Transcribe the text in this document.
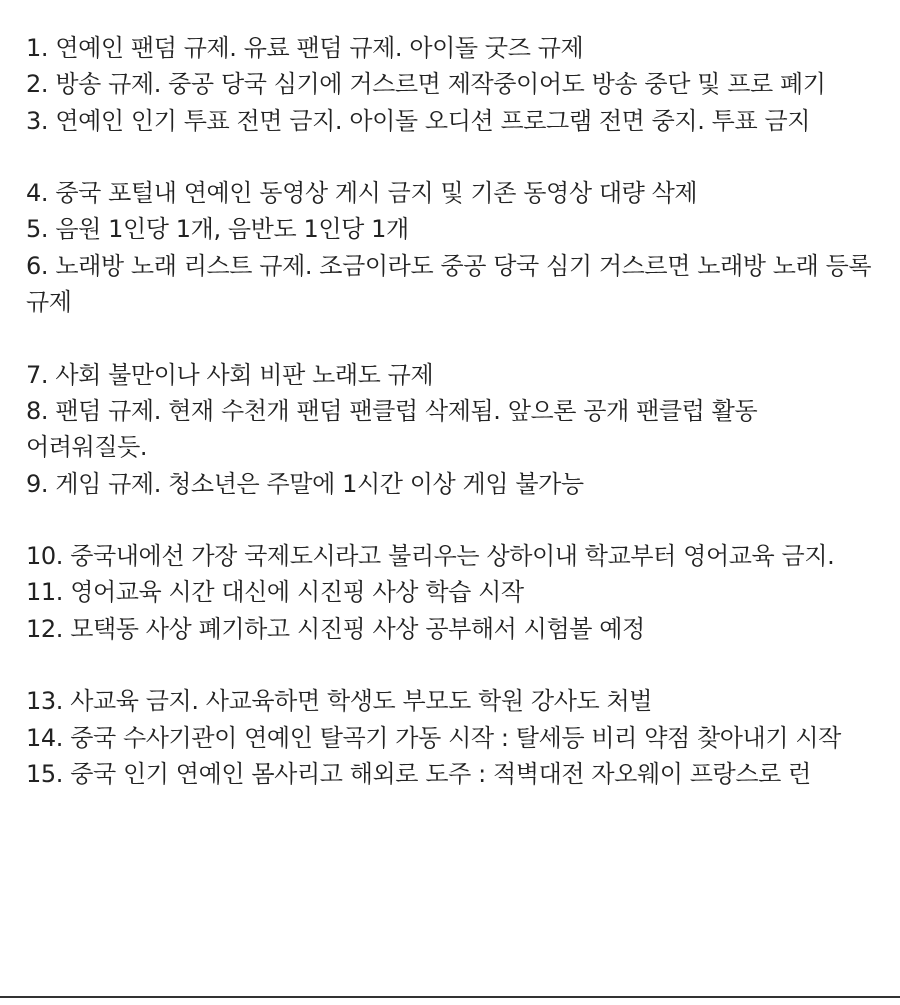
1. 연예인 팬덤 규제. 유료 팬덤 규제. 아이돌 굿즈 규제
2. 방송 규제. 중공 당국 심기에 거스르면 제작중이어도 방송 중단 및 프로 폐기
3. 연예인 인기 투표 전면 금지. 아이돌 오디션 프로그램 전면 중지. 투표 금지
4. 중국 포털내 연예인 동영상 게시 금지 및 기존 동영상 대량 삭제
5. 음원 1인당 1개, 음반도 1인당 1개
6. 노래방 노래 리스트 규제. 조금이라도 중공 당국 심기 거스르면 노래방 노래 등록 규제
7. 사회 불만이나 사회 비판 노래도 규제
8. 팬덤 규제. 현재 수천개 팬덤 팬클럽 삭제됨. 앞으론 공개 팬클럽 활동 어려워질듯.
9. 게임 규제. 청소년은 주말에 1시간 이상 게임 불가능
10. 중국내에선 가장 국제도시라고 불리우는 상하이내 학교부터 영어교육 금지.
11. 영어교육 시간 대신에 시진핑 사상 학습 시작
12. 모택동 사상 폐기하고 시진핑 사상 공부해서 시험볼 예정
13. 사교육 금지. 사교육하면 학생도 부모도 학원 강사도 처벌
14. 중국 수사기관이 연예인 탈곡기 가동 시작 : 탈세등 비리 약점 찾아내기 시작
15. 중국 인기 연예인 몸사리고 해외로 도주 : 적벽대전 자오웨이 프랑스로 런
